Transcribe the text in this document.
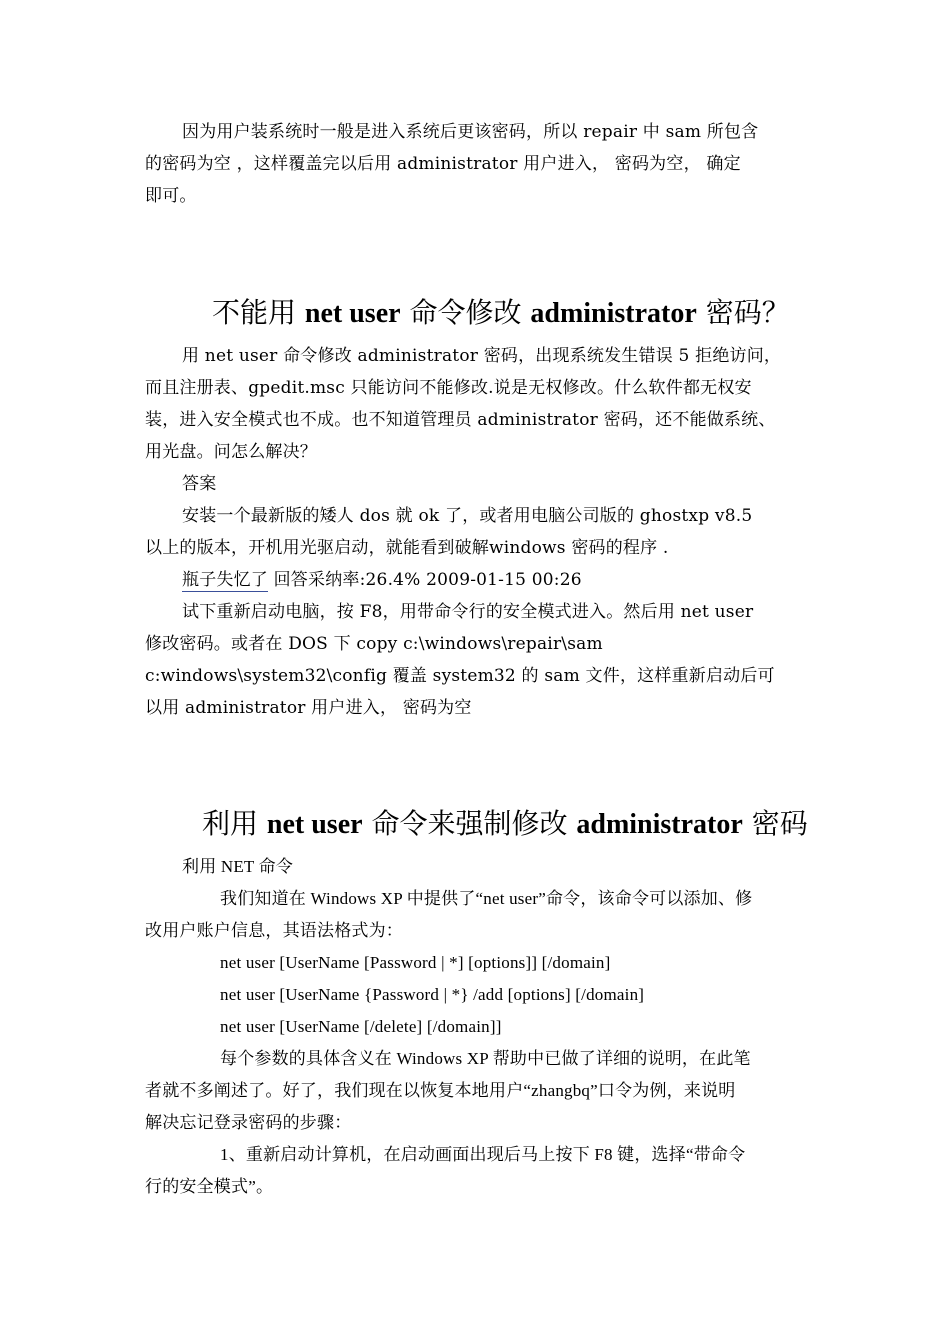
因为用户装系统时一般是进入系统后更该密码，所以 repair 中 sam 所包含
的密码为空 ，这样覆盖完以后用 administrator 用户进入， 密码为空， 确定
即可。
不能用 net user 命令修改 administrator 密码？
用 net user 命令修改 administrator 密码，出现系统发生错误 5 拒绝访问，
而且注册表、gpedit.msc 只能访问不能修改.说是无权修改。什么软件都无权安
装，进入安全模式也不成。也不知道管理员 administrator 密码，还不能做系统、
用光盘。问怎么解决？
答案
安装一个最新版的矮人 dos 就 ok 了，或者用电脑公司版的 ghostxp v8.5
以上的版本，开机用光驱启动，就能看到破解windows 密码的程序 .
瓶子失忆了 回答采纳率:26.4% 2009-01-15 00:26
试下重新启动电脑，按 F8，用带命令行的安全模式进入。然后用 net user
修改密码。或者在 DOS 下 copy c:\windows\repair\sam
c:windows\system32\config 覆盖 system32 的 sam 文件，这样重新启动后可
以用 administrator 用户进入， 密码为空
利用 net user 命令来强制修改 administrator 密码
利用 NET 命令
我们知道在 Windows XP 中提供了“net user”命令，该命令可以添加、修
改用户账户信息，其语法格式为：
net user [UserName [Password | *] [options]] [/domain]
net user [UserName {Password | *} /add [options] [/domain]
net user [UserName [/delete] [/domain]]
每个参数的具体含义在 Windows XP 帮助中已做了详细的说明，在此笔
者就不多阐述了。好了，我们现在以恢复本地用户“zhangbq”口令为例，来说明
解决忘记登录密码的步骤：
1、重新启动计算机，在启动画面出现后马上按下 F8 键，选择“带命令
行的安全模式”。
